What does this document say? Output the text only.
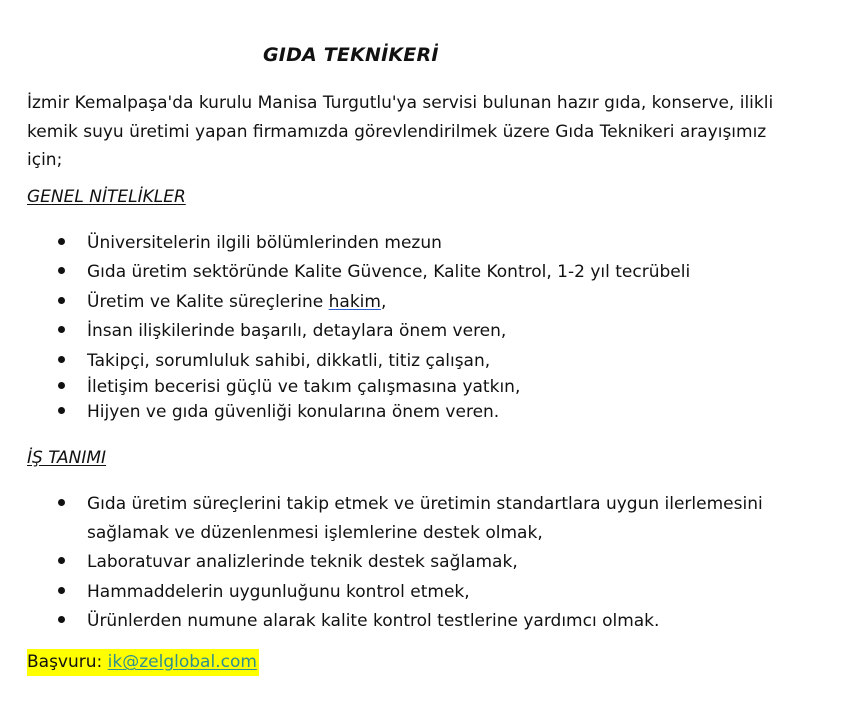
GIDA TEKNİKERİ
İzmir Kemalpaşa'da kurulu Manisa Turgutlu'ya servisi bulunan hazır gıda, konserve, ilikli
kemik suyu üretimi yapan firmamızda görevlendirilmek üzere Gıda Teknikeri arayışımız
için;
GENEL NİTELİKLER
Üniversitelerin ilgili bölümlerinden mezun
Gıda üretim sektöründe Kalite Güvence, Kalite Kontrol, 1-2 yıl tecrübeli
Üretim ve Kalite süreçlerine hakim,
İnsan ilişkilerinde başarılı, detaylara önem veren,
Takipçi, sorumluluk sahibi, dikkatli, titiz çalışan,
İletişim becerisi güçlü ve takım çalışmasına yatkın,
Hijyen ve gıda güvenliği konularına önem veren.
İŞ TANIMI
Gıda üretim süreçlerini takip etmek ve üretimin standartlara uygun ilerlemesini
sağlamak ve düzenlenmesi işlemlerine destek olmak,
Laboratuvar analizlerinde teknik destek sağlamak,
Hammaddelerin uygunluğunu kontrol etmek,
Ürünlerden numune alarak kalite kontrol testlerine yardımcı olmak.
Başvuru: ik@zelglobal.com
